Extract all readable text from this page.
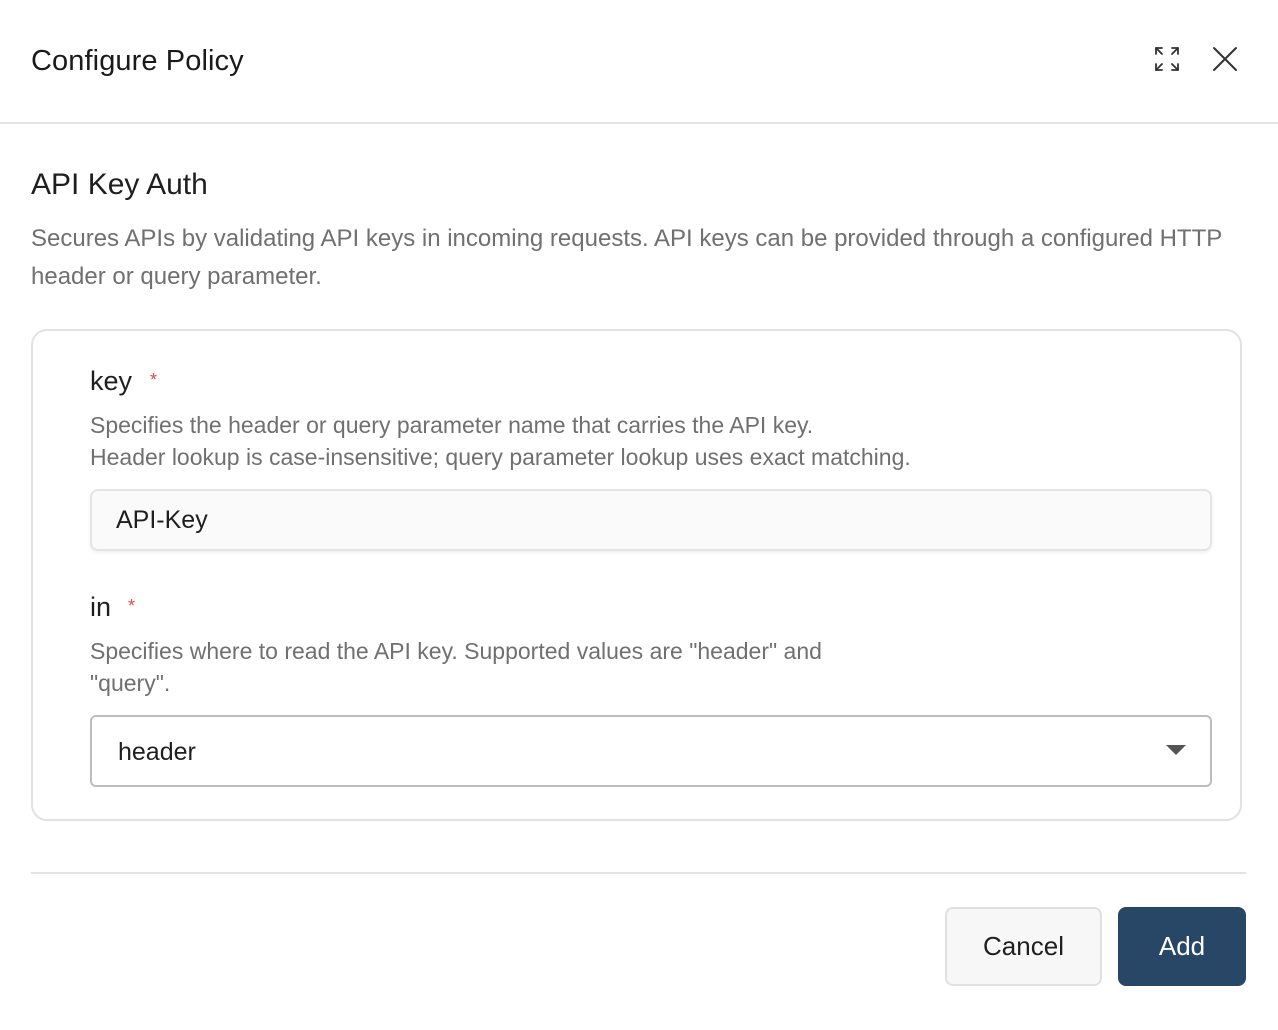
Configure Policy
API Key Auth
Secures APIs by validating API keys in incoming requests. API keys can be provided through a configured HTTP header or query parameter.
key *
Specifies the header or query parameter name that carries the API key.
Header lookup is case-insensitive; query parameter lookup uses exact matching.
API-Key
in *
Specifies where to read the API key. Supported values are "header" and
"query".
header
Cancel	Add
